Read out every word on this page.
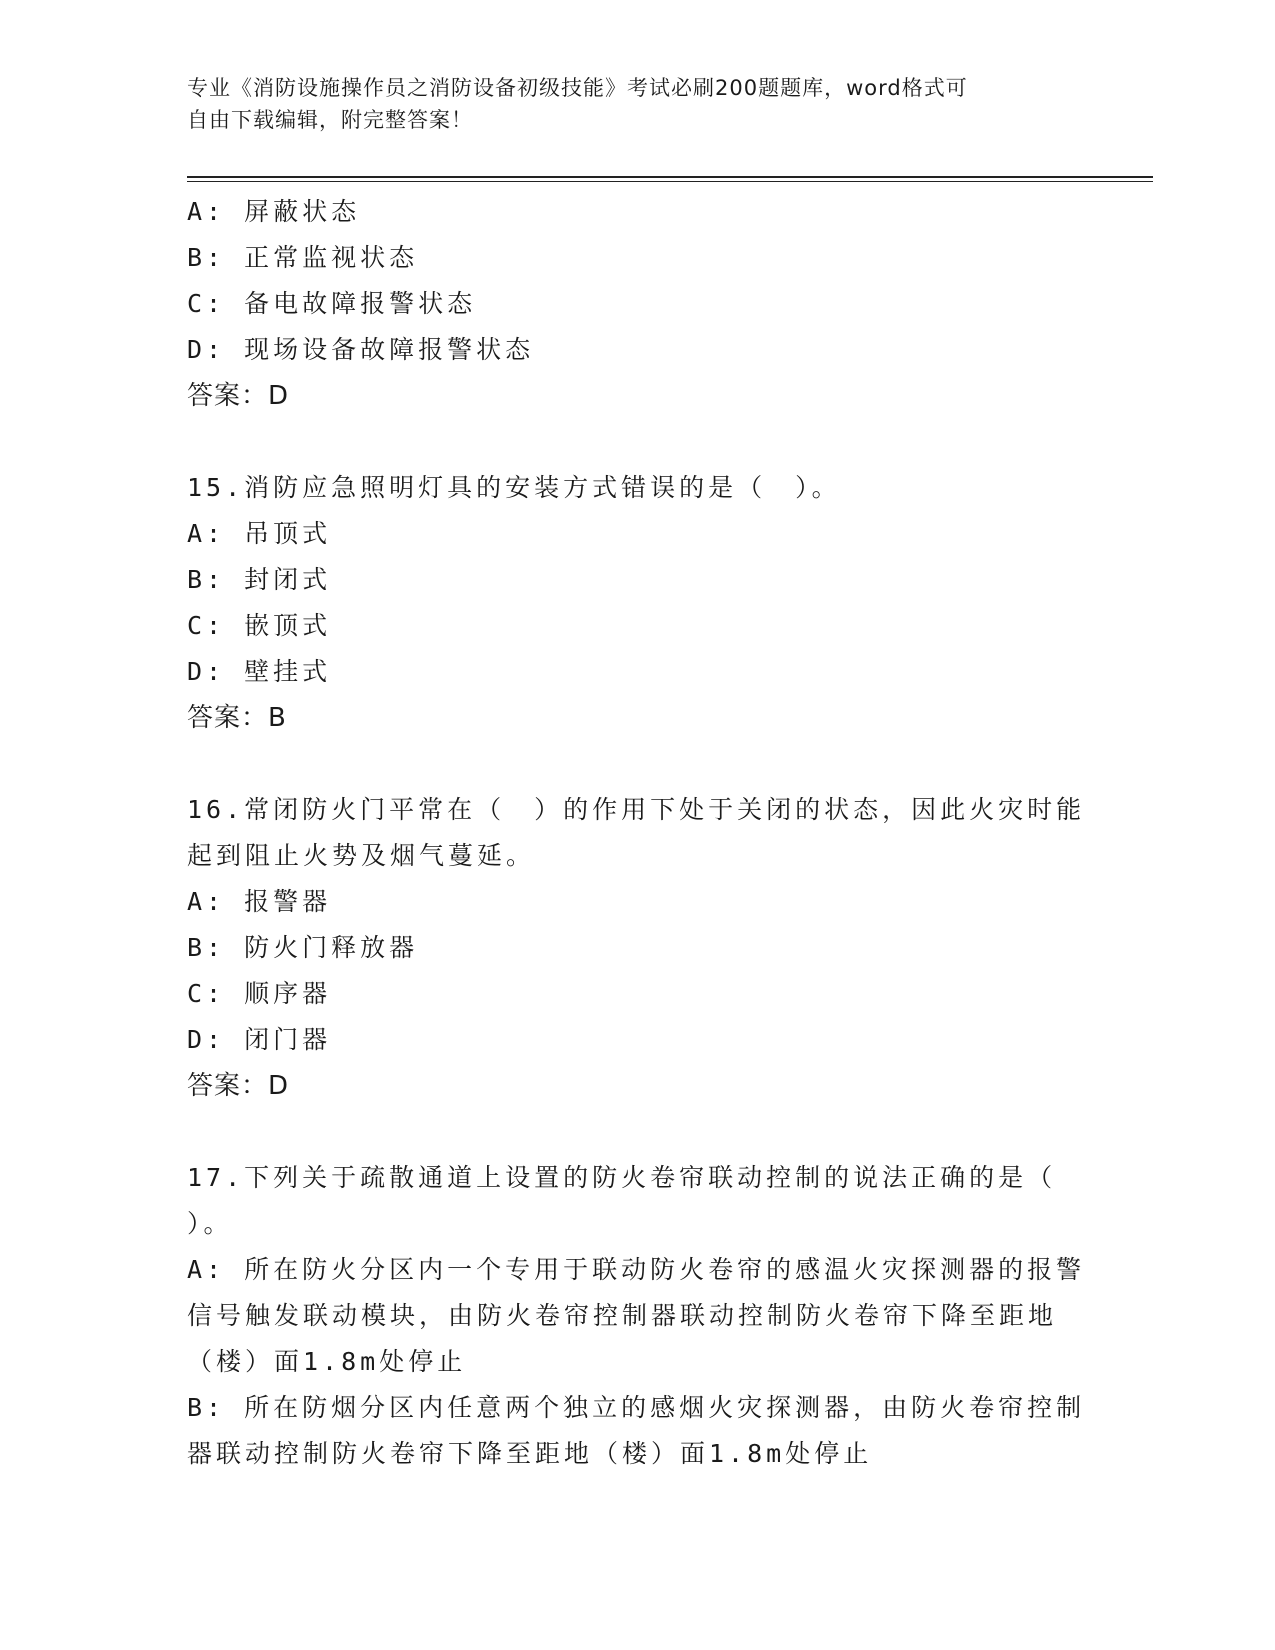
专业《消防设施操作员之消防设备初级技能》考试必刷200题题库，word格式可
自由下载编辑，附完整答案！
A: 屏蔽状态
B: 正常监视状态
C: 备电故障报警状态
D: 现场设备故障报警状态
答案：D
15.消防应急照明灯具的安装方式错误的是（　）。
A: 吊顶式
B: 封闭式
C: 嵌顶式
D: 壁挂式
答案：B
16.常闭防火门平常在（　）的作用下处于关闭的状态，因此火灾时能
起到阻止火势及烟气蔓延。
A: 报警器
B: 防火门释放器
C: 顺序器
D: 闭门器
答案：D
17.下列关于疏散通道上设置的防火卷帘联动控制的说法正确的是（
）。
A: 所在防火分区内一个专用于联动防火卷帘的感温火灾探测器的报警
信号触发联动模块，由防火卷帘控制器联动控制防火卷帘下降至距地
（楼）面1.8m处停止
B: 所在防烟分区内任意两个独立的感烟火灾探测器，由防火卷帘控制
器联动控制防火卷帘下降至距地（楼）面1.8m处停止
